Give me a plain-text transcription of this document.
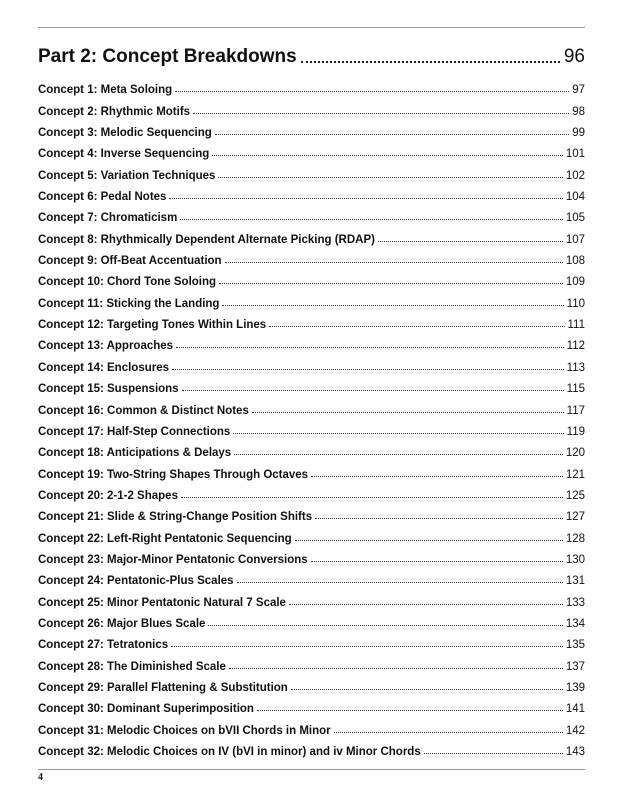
Part 2: Concept Breakdowns	96
Concept 1: Meta Soloing	97
Concept 2: Rhythmic Motifs	98
Concept 3: Melodic Sequencing	99
Concept 4: Inverse Sequencing	101
Concept 5: Variation Techniques	102
Concept 6: Pedal Notes	104
Concept 7: Chromaticism	105
Concept 8: Rhythmically Dependent Alternate Picking (RDAP)	107
Concept 9: Off-Beat Accentuation	108
Concept 10: Chord Tone Soloing	109
Concept 11: Sticking the Landing	110
Concept 12: Targeting Tones Within Lines	111
Concept 13: Approaches	112
Concept 14: Enclosures	113
Concept 15: Suspensions	115
Concept 16: Common & Distinct Notes	117
Concept 17: Half-Step Connections	119
Concept 18: Anticipations & Delays	120
Concept 19: Two-String Shapes Through Octaves	121
Concept 20: 2-1-2 Shapes	125
Concept 21: Slide & String-Change Position Shifts	127
Concept 22: Left-Right Pentatonic Sequencing	128
Concept 23: Major-Minor Pentatonic Conversions	130
Concept 24: Pentatonic-Plus Scales	131
Concept 25: Minor Pentatonic Natural 7 Scale	133
Concept 26: Major Blues Scale	134
Concept 27: Tetratonics	135
Concept 28: The Diminished Scale	137
Concept 29: Parallel Flattening & Substitution	139
Concept 30: Dominant Superimposition	141
Concept 31: Melodic Choices on bVII Chords in Minor	142
Concept 32: Melodic Choices on IV (bVI in minor) and iv Minor Chords	143
4
